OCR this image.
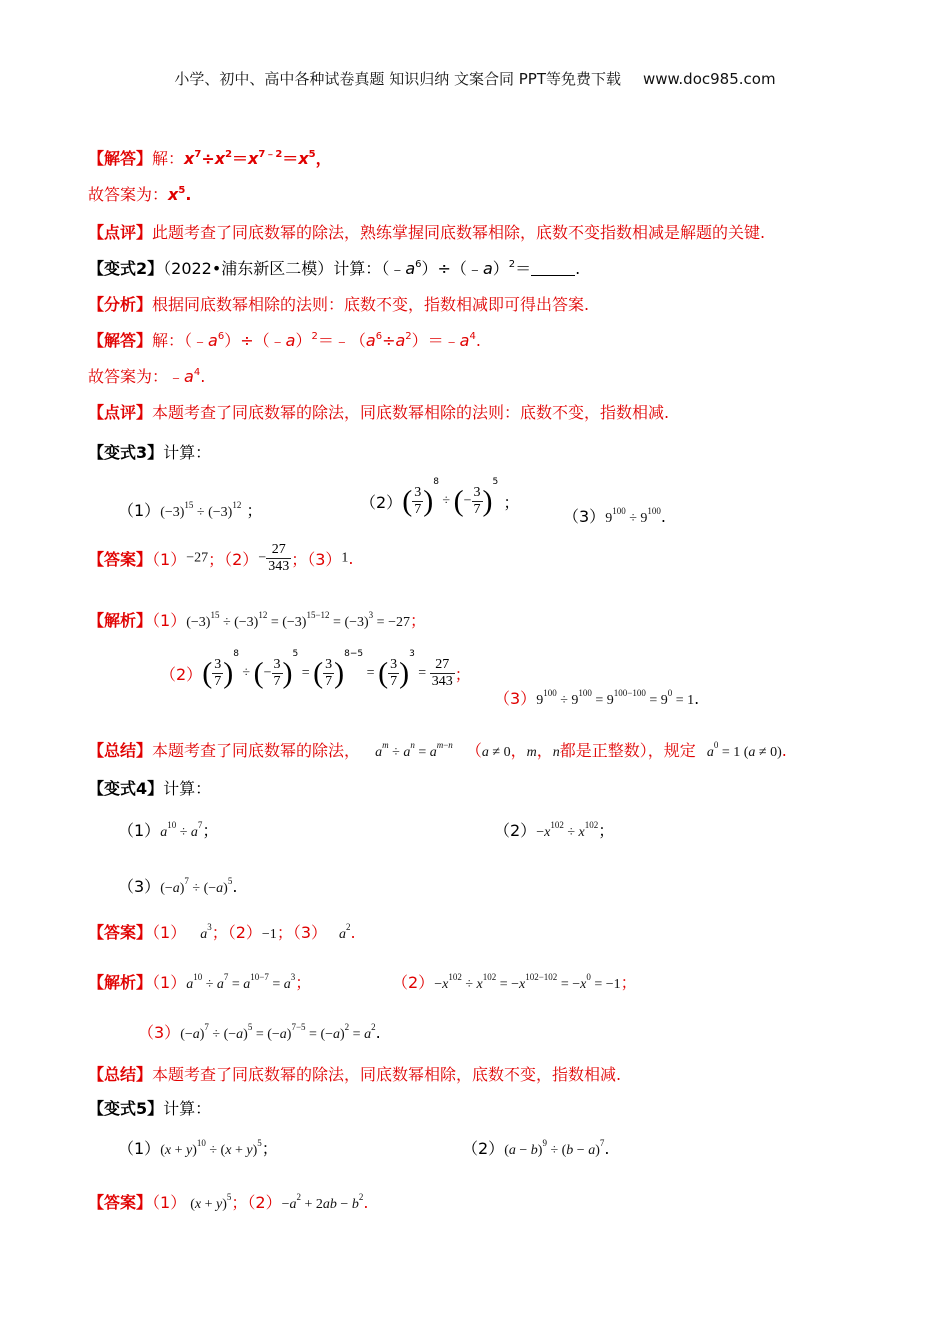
小学、初中、高中各种试卷真题 知识归纳 文案合同 PPT等免费下载 www.doc985.com
【解答】解：$x^7\div x^2=x^{7﹣2}=x^5$，
故答案为：$x^5$.
【点评】此题考查了同底数幂的除法，熟练掌握同底数幂相除，底数不变指数相减是解题的关键.
【变式2】（2022•浦东新区二模）计算：$(﹣a^6)\div(﹣a)^2=$	.
【分析】根据同底数幂相除的法则：底数不变，指数相减即可得出答案.
【解答】解：$(﹣a^6)\div(﹣a)^2=﹣(a^6\div a^2)=﹣a^4$.
故答案为：$﹣a^4$.
【点评】本题考查了同底数幂的除法，同底数幂相除的法则：底数不变，指数相减.
【变式3】计算：
$(1)(-3)^{15} \div (-3)^{12}$ ；	$(2)( \frac{3}{7} )^8$ ÷ (− $\frac{3}{7} )^5$ ；
$(3)9^{100} \div 9^{100}$.
【答案】（1）−27；$(2)- \frac{27}{343}$ ；（3）1.
【解析】$(1)(-3)^{15} \div (-3)^{12} = (-3)^{15-12} = (-3)^3 = -27$；
$(2)( \frac{3}{7} )^8$ ÷ (− $\frac{3}{7} )^5$ = ( $\frac{3}{7} )^{8-5}$ = ( $\frac{3}{7} )^3 = \frac{27}{343}$ ；
$(3)9^{100} \div 9^{100} = 9^{100-100} = 9^0 = 1$.
【总结】本题考查了同底数幂的除法， $a^m \div a^n = a^{m-n}$ （a ≠ 0，m，n都是正整数），规定 $a^0 = 1$ (a ≠ 0).
【变式4】计算：
$(1)a^{10} \div a^7$；	$(2)-x^{102} \div x^{102}$；
$(3)(-a)^7 \div (-a)^5$.
【答案】（1） $a^3$；（2）−1；（3） $a^2$.
【解析】$(1)a^{10} \div a^7 = a^{10-7} = a^3$；	$(2)-x^{102} \div x^{102} = -x^{102-102} = -x^0 = -1$；
$(3)(-a)^7 \div (-a)^5 = (-a)^{7-5} = (-a)^2 = a^2$.
【总结】本题考查了同底数幂的除法，同底数幂相除，底数不变，指数相减.
【变式5】计算：
$(1)(x + y)^{10} \div (x + y)^5$；	$(2)(a - b)^9 \div (b - a)^7$.
【答案】（1） $(x + y)^5$；$(2)-a^2 + 2ab - b^2$.
